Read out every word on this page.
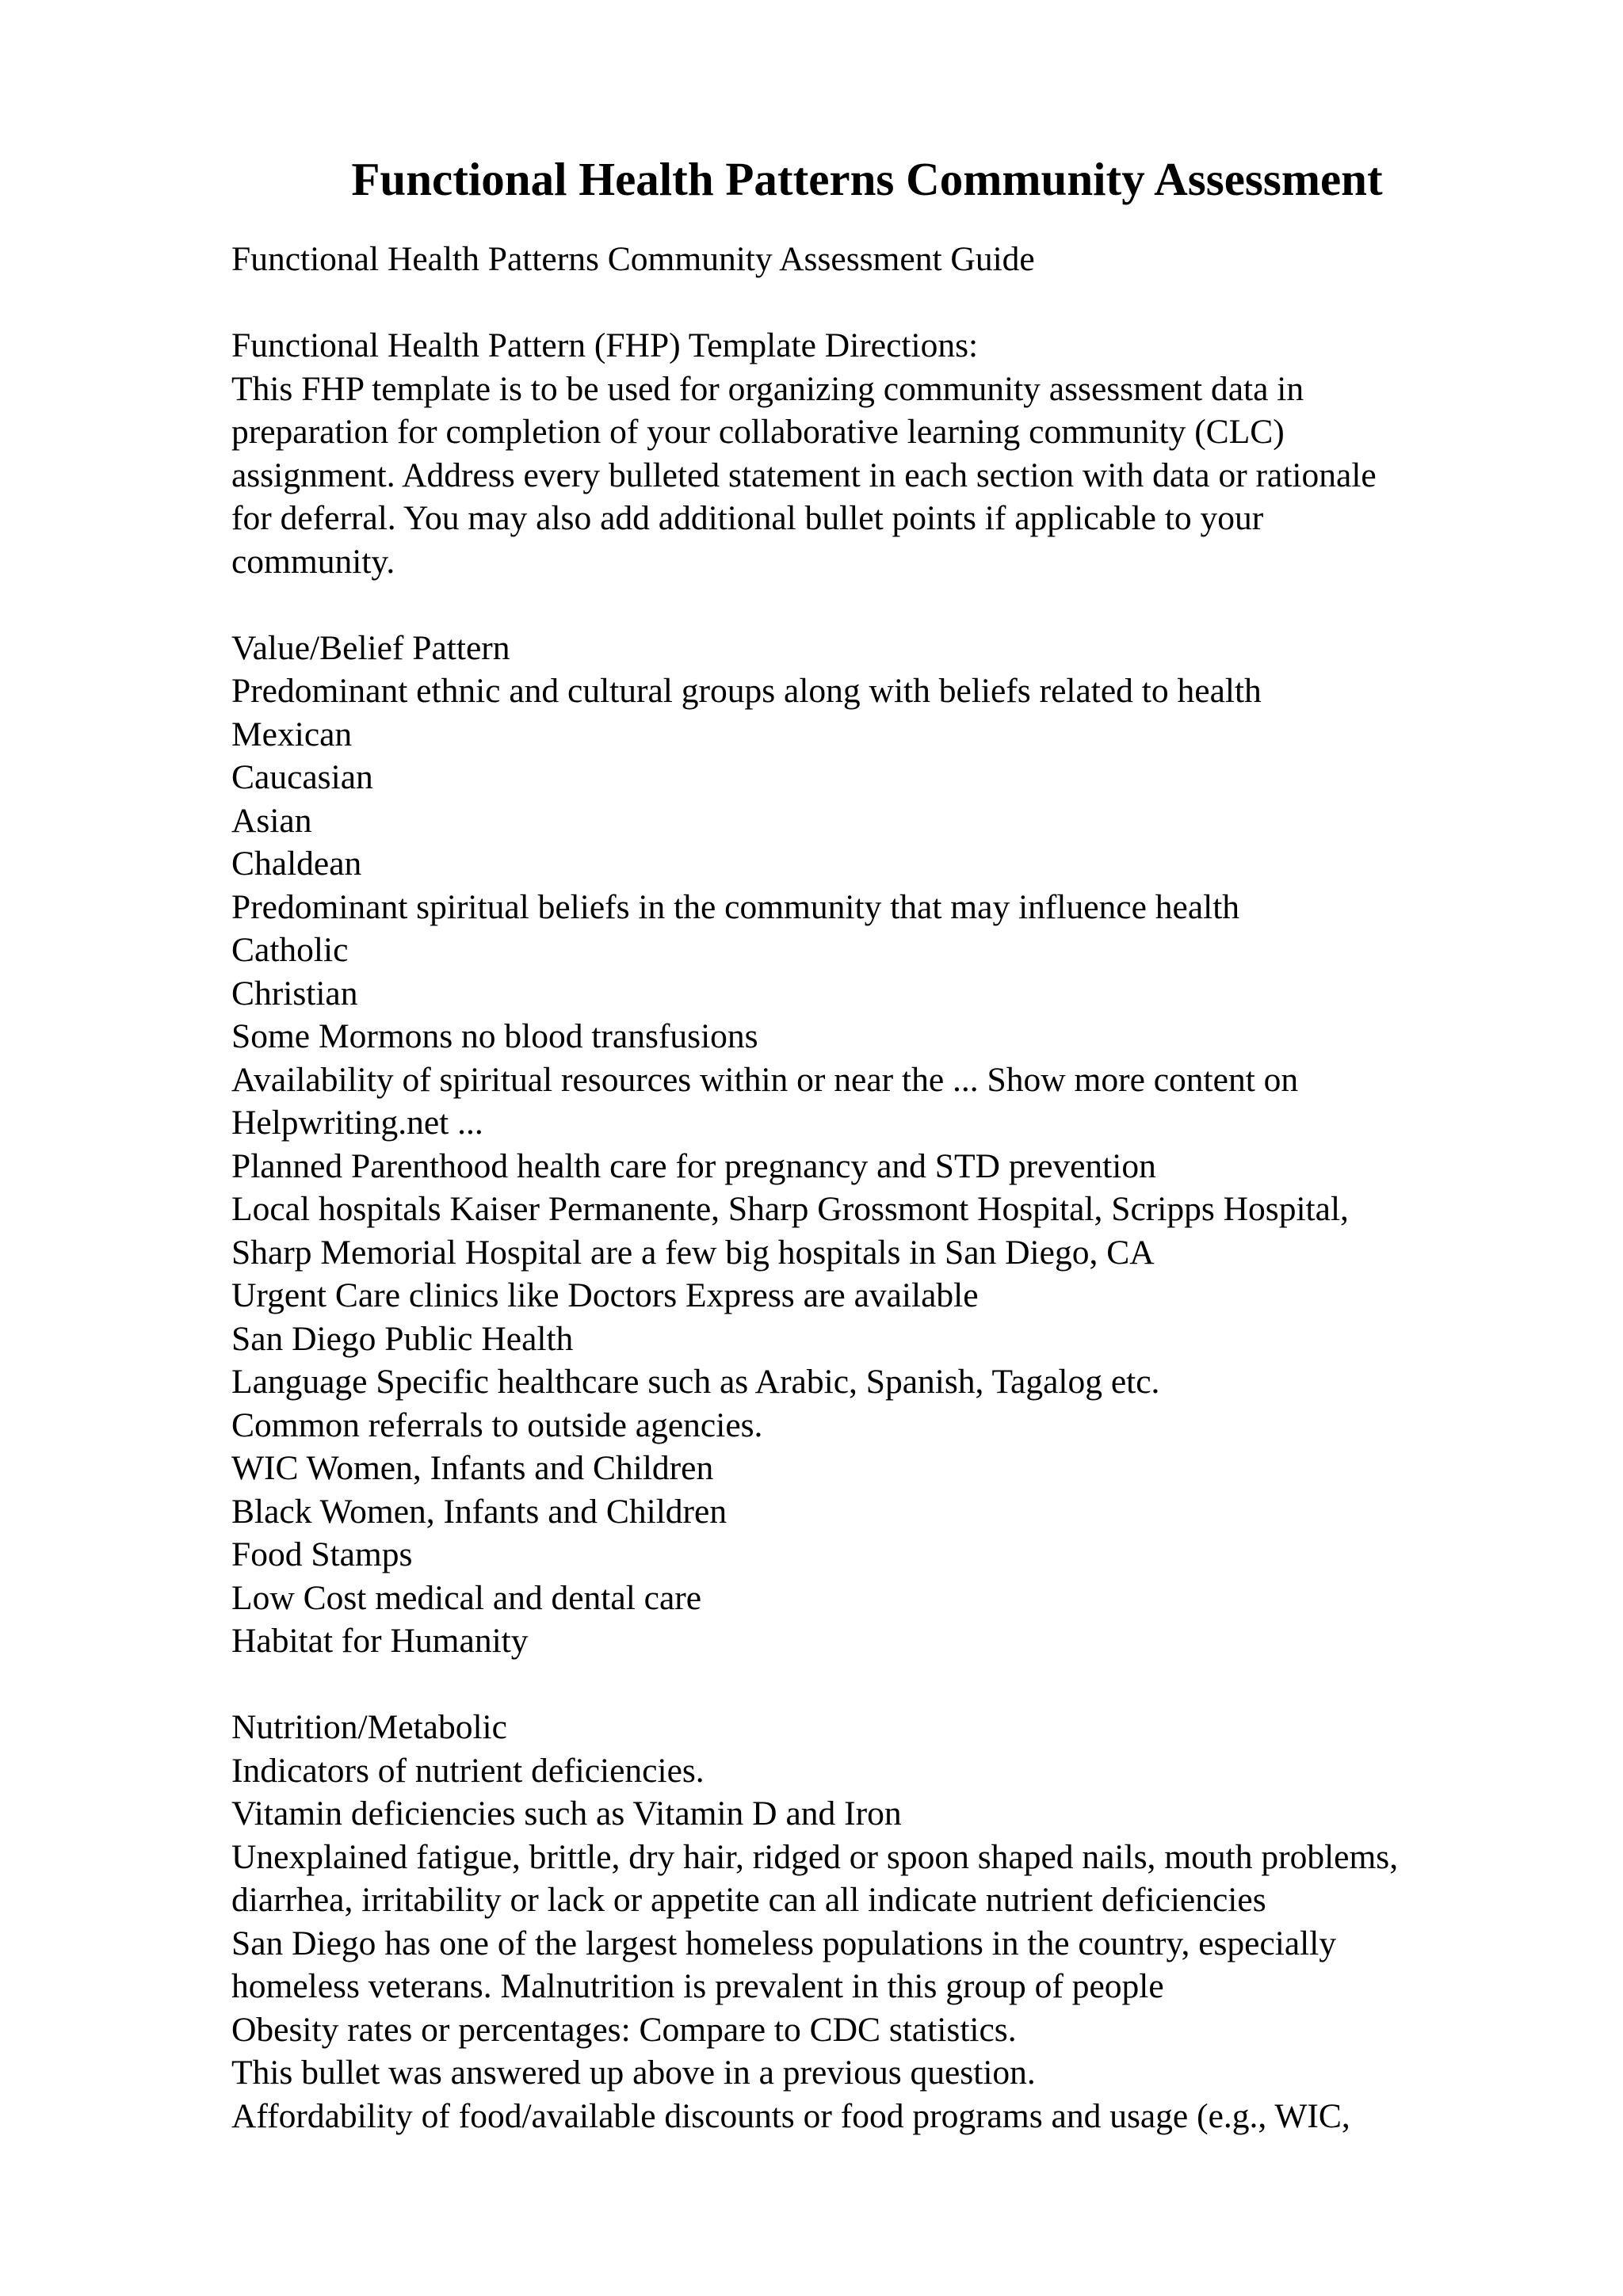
Functional Health Patterns Community Assessment
Functional Health Patterns Community Assessment Guide
Functional Health Pattern (FHP) Template Directions:
This FHP template is to be used for organizing community assessment data in
preparation for completion of your collaborative learning community (CLC)
assignment. Address every bulleted statement in each section with data or rationale
for deferral. You may also add additional bullet points if applicable to your
community.
Value/Belief Pattern
Predominant ethnic and cultural groups along with beliefs related to health
Mexican
Caucasian
Asian
Chaldean
Predominant spiritual beliefs in the community that may influence health
Catholic
Christian
Some Mormons no blood transfusions
Availability of spiritual resources within or near the ... Show more content on
Helpwriting.net ...
Planned Parenthood health care for pregnancy and STD prevention
Local hospitals Kaiser Permanente, Sharp Grossmont Hospital, Scripps Hospital,
Sharp Memorial Hospital are a few big hospitals in San Diego, CA
Urgent Care clinics like Doctors Express are available
San Diego Public Health
Language Specific healthcare such as Arabic, Spanish, Tagalog etc.
Common referrals to outside agencies.
WIC Women, Infants and Children
Black Women, Infants and Children
Food Stamps
Low Cost medical and dental care
Habitat for Humanity
Nutrition/Metabolic
Indicators of nutrient deficiencies.
Vitamin deficiencies such as Vitamin D and Iron
Unexplained fatigue, brittle, dry hair, ridged or spoon shaped nails, mouth problems,
diarrhea, irritability or lack or appetite can all indicate nutrient deficiencies
San Diego has one of the largest homeless populations in the country, especially
homeless veterans. Malnutrition is prevalent in this group of people
Obesity rates or percentages: Compare to CDC statistics.
This bullet was answered up above in a previous question.
Affordability of food/available discounts or food programs and usage (e.g., WIC,
